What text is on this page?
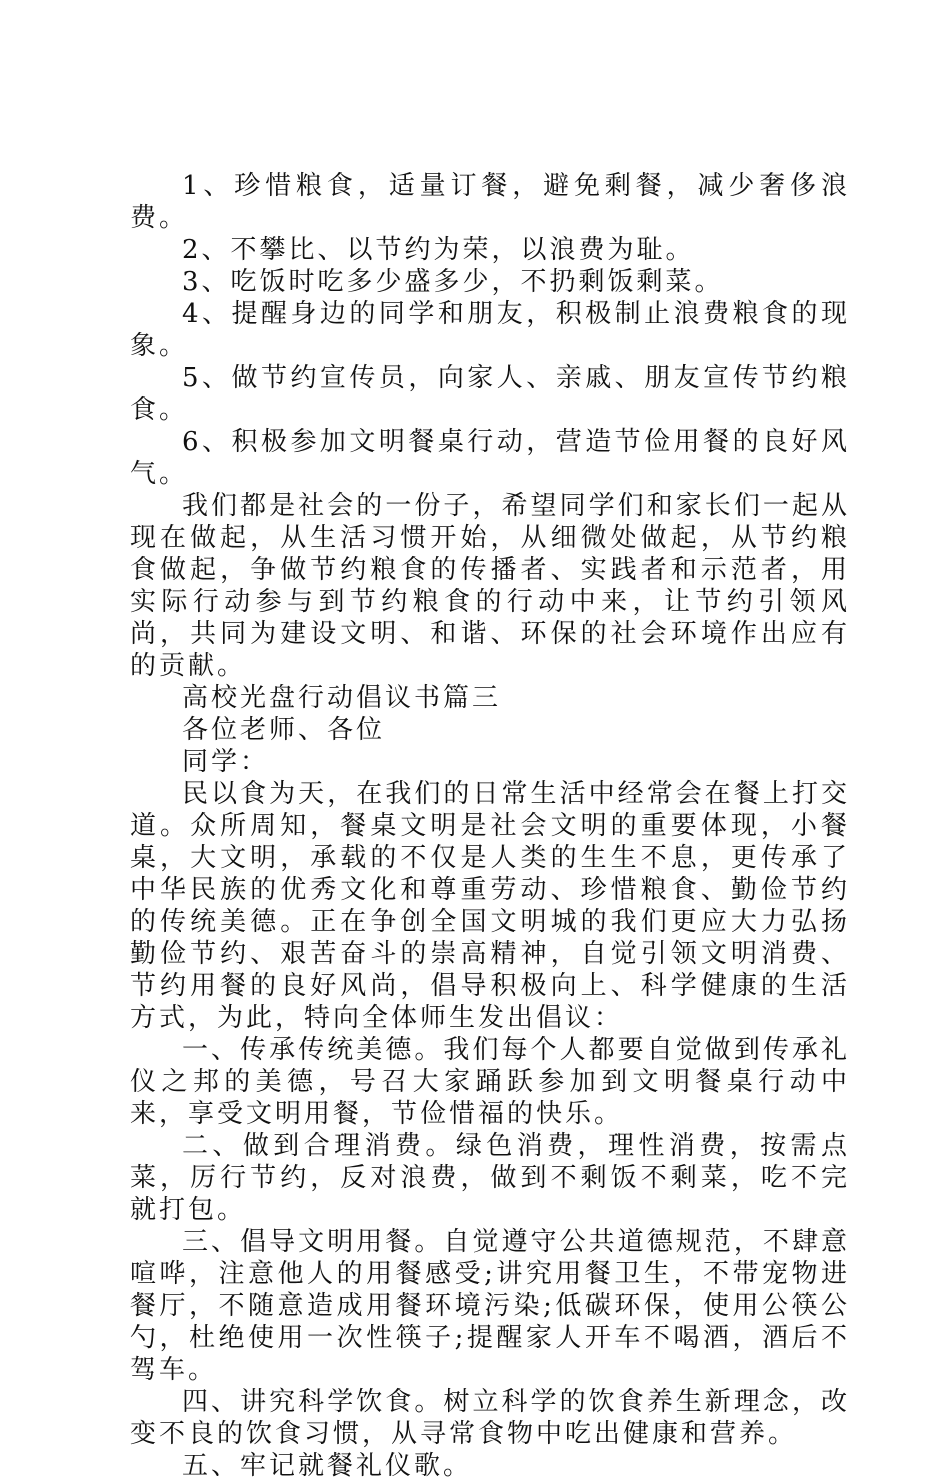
1、珍惜粮食，适量订餐，避免剩餐，减少奢侈浪费。

2、不攀比、以节约为荣，以浪费为耻。

3、吃饭时吃多少盛多少，不扔剩饭剩菜。

4、提醒身边的同学和朋友，积极制止浪费粮食的现象。

5、做节约宣传员，向家人、亲戚、朋友宣传节约粮食。

6、积极参加文明餐桌行动，营造节俭用餐的良好风气。

我们都是社会的一份子，希望同学们和家长们一起从现在做起，从生活习惯开始，从细微处做起，从节约粮食做起，争做节约粮食的传播者、实践者和示范者，用实际行动参与到节约粮食的行动中来，让节约引领风尚，共同为建设文明、和谐、环保的社会环境作出应有的贡献。

高校光盘行动倡议书篇三

各位老师、各位

同学：

民以食为天，在我们的日常生活中经常会在餐上打交道。众所周知，餐桌文明是社会文明的重要体现，小餐桌，大文明，承载的不仅是人类的生生不息，更传承了中华民族的优秀文化和尊重劳动、珍惜粮食、勤俭节约的传统美德。正在争创全国文明城的我们更应大力弘扬勤俭节约、艰苦奋斗的崇高精神，自觉引领文明消费、节约用餐的良好风尚，倡导积极向上、科学健康的生活方式，为此，特向全体师生发出倡议：

一、传承传统美德。我们每个人都要自觉做到传承礼仪之邦的美德，号召大家踊跃参加到文明餐桌行动中来，享受文明用餐，节俭惜福的快乐。

二、做到合理消费。绿色消费，理性消费，按需点菜，厉行节约，反对浪费，做到不剩饭不剩菜，吃不完就打包。

三、倡导文明用餐。自觉遵守公共道德规范，不肆意喧哗，注意他人的用餐感受;讲究用餐卫生，不带宠物进餐厅，不随意造成用餐环境污染;低碳环保，使用公筷公勺，杜绝使用一次性筷子;提醒家人开车不喝酒，酒后不驾车。

四、讲究科学饮食。树立科学的饮食养生新理念，改变不良的饮食习惯，从寻常食物中吃出健康和营养。

五、牢记就餐礼仪歌。
